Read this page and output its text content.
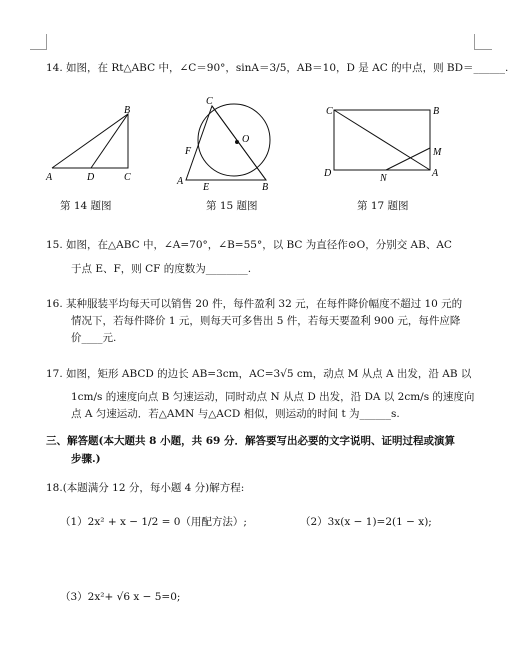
14. 如图，在 Rt△ABC 中，∠C＝90°，sinA＝3/5，AB＝10，D 是 AC 的中点，则 BD＝______.
B
A	D	C
第 14 题图
C
O
F
A
E	B
第 15 题图
C	B
M
D	N	A
第 17 题图
15. 如图，在△ABC 中，∠A=70°，∠B=55°，以 BC 为直径作⊙O，分别交 AB、AC
于点 E、F，则 CF 的度数为________.
16. 某种服装平均每天可以销售 20 件，每件盈利 32 元，在每件降价幅度不超过 10 元的
情况下，若每件降价 1 元，则每天可多售出 5 件，若每天要盈利 900 元，每件应降
价____元.
17. 如图，矩形 ABCD 的边长 AB=3cm，AC=3√5 cm，动点 M 从点 A 出发，沿 AB 以
1cm/s 的速度向点 B 匀速运动，同时动点 N 从点 D 出发，沿 DA 以 2cm/s 的速度向
点 A 匀速运动．若△AMN 与△ACD 相似，则运动的时间 t 为______s.
三、解答题(本大题共 8 小题，共 69 分．解答要写出必要的文字说明、证明过程或演算
步骤.)
18.(本题满分 12 分，每小题 4 分)解方程:
（1）2x² + x − 1/2 = 0（用配方法）;	（2）3x(x − 1)=2(1 − x);
（3）2x²+ √6 x − 5=0;
